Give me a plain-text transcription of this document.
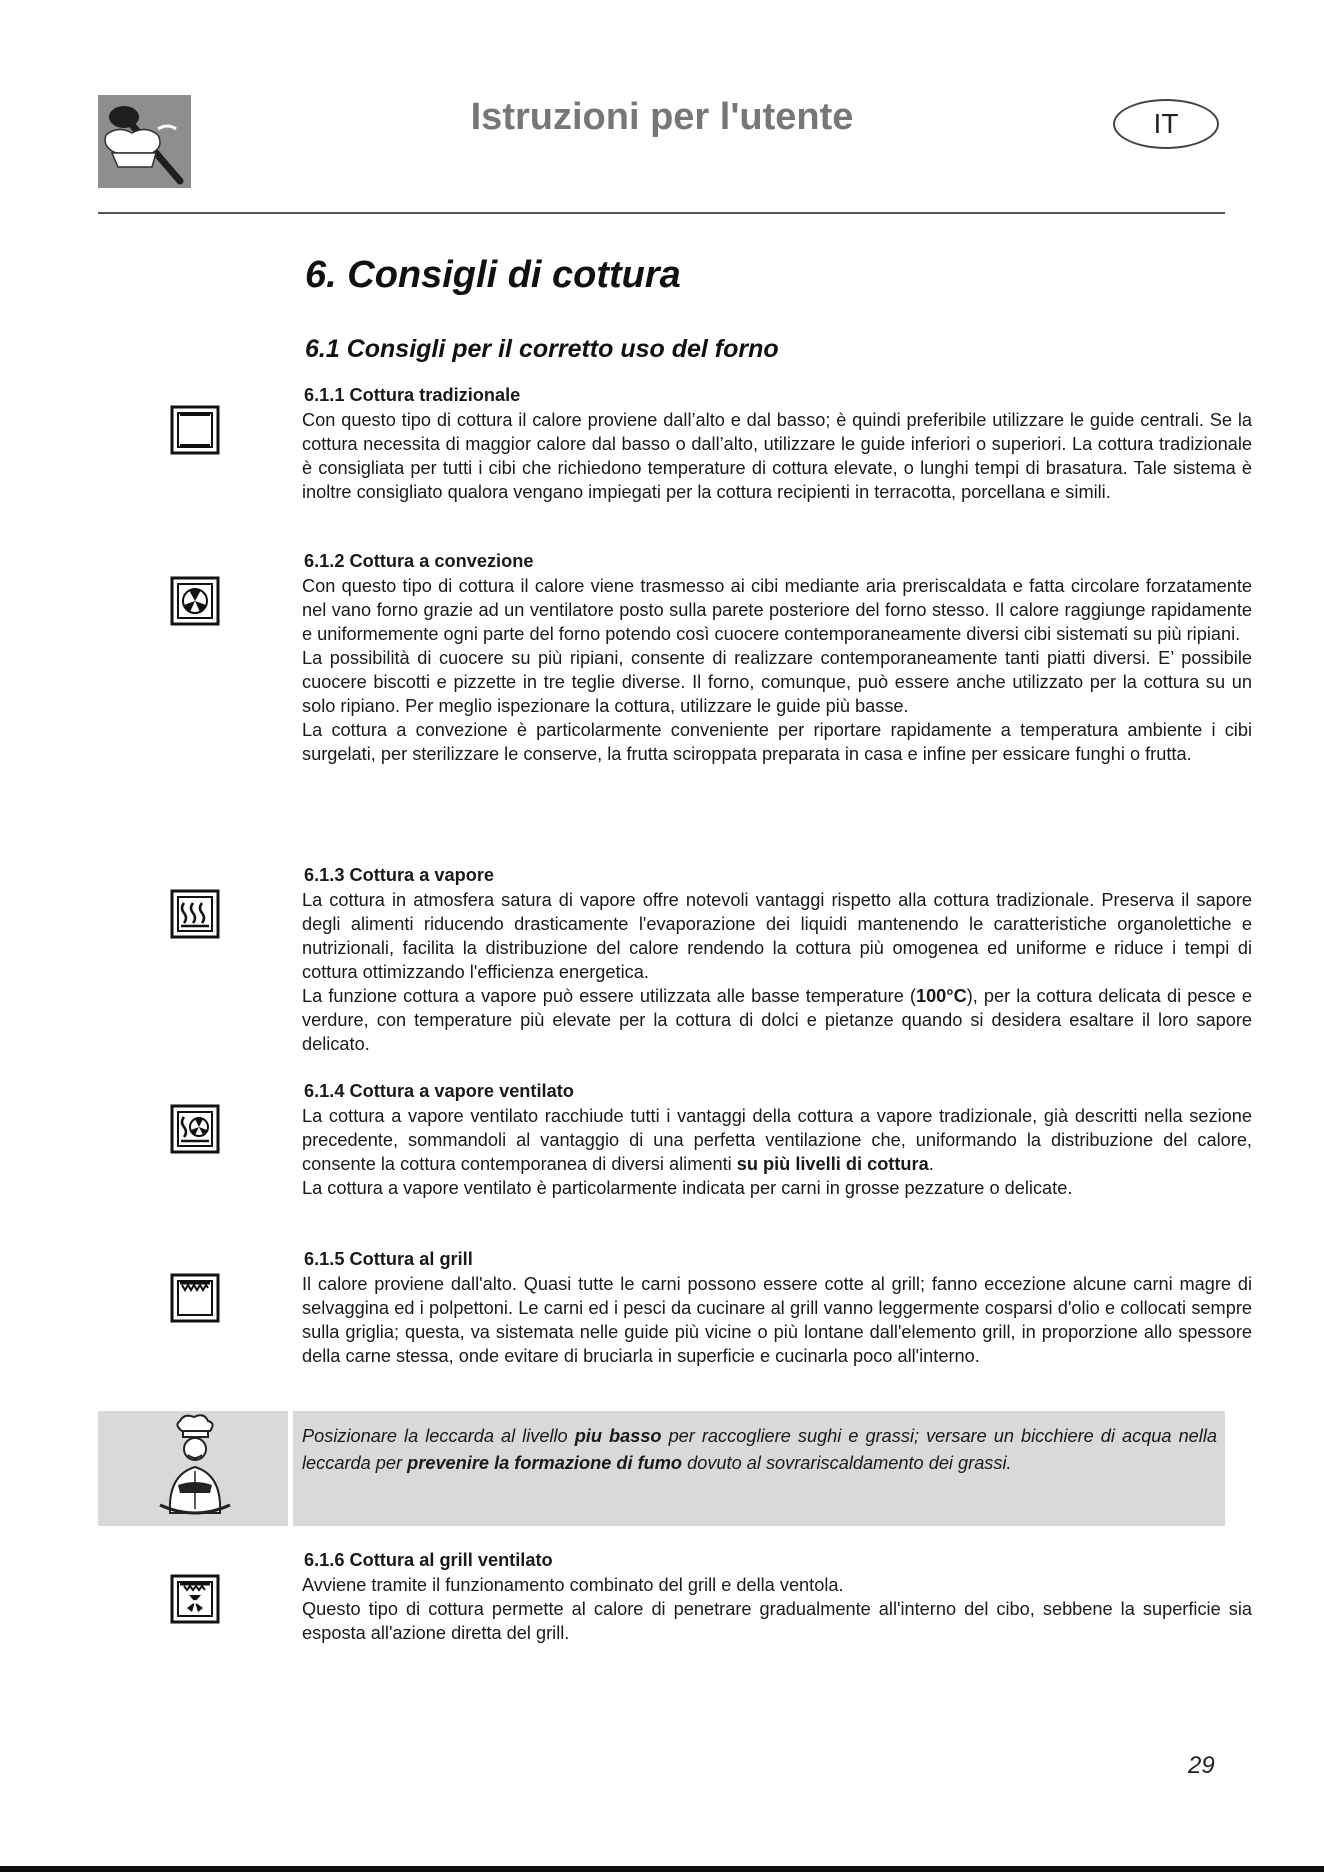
Istruzioni per l'utente	IT
6. Consigli di cottura
6.1 Consigli per il corretto uso del forno
6.1.1 Cottura tradizionale

Con questo tipo di cottura il calore proviene dall’alto e dal basso; è quindi preferibile utilizzare le guide centrali. Se la cottura necessita di maggior calore dal basso o dall’alto, utilizzare le guide inferiori o superiori. La cottura tradizionale è consigliata per tutti i cibi che richiedono temperature di cottura elevate, o lunghi tempi di brasatura. Tale sistema è inoltre consigliato qualora vengano impiegati per la cottura recipienti in terracotta, porcellana e simili.

6.1.2 Cottura a convezione

Con questo tipo di cottura il calore viene trasmesso ai cibi mediante aria preriscaldata e fatta circolare forzatamente nel vano forno grazie ad un ventilatore posto sulla parete posteriore del forno stesso. Il calore raggiunge rapidamente e uniformemente ogni parte del forno potendo così cuocere contemporaneamente diversi cibi sistemati su più ripiani.

La possibilità di cuocere su più ripiani, consente di realizzare contemporaneamente tanti piatti diversi. E’ possibile cuocere biscotti e pizzette in tre teglie diverse. Il forno, comunque, può essere anche utilizzato per la cottura su un solo ripiano. Per meglio ispezionare la cottura, utilizzare le guide più basse.

La cottura a convezione è particolarmente conveniente per riportare rapidamente a temperatura ambiente i cibi surgelati, per sterilizzare le conserve, la frutta sciroppata preparata in casa e infine per essicare funghi o frutta.

6.1.3 Cottura a vapore

La cottura in atmosfera satura di vapore offre notevoli vantaggi rispetto alla cottura tradizionale. Preserva il sapore degli alimenti riducendo drasticamente l'evaporazione dei liquidi mantenendo le caratteristiche organolettiche e nutrizionali, facilita la distribuzione del calore rendendo la cottura più omogenea ed uniforme e riduce i tempi di cottura ottimizzando l'efficienza energetica.

La funzione cottura a vapore può essere utilizzata alle basse temperature (100°C), per la cottura delicata di pesce e verdure, con temperature più elevate per la cottura di dolci e pietanze quando si desidera esaltare il loro sapore delicato.

6.1.4 Cottura a vapore ventilato

La cottura a vapore ventilato racchiude tutti i vantaggi della cottura a vapore tradizionale, già descritti nella sezione precedente, sommandoli al vantaggio di una perfetta ventilazione che, uniformando la distribuzione del calore, consente la cottura contemporanea di diversi alimenti su più livelli di cottura.

La cottura a vapore ventilato è particolarmente indicata per carni in grosse pezzature o delicate.

6.1.5 Cottura al grill

Il calore proviene dall'alto. Quasi tutte le carni possono essere cotte al grill; fanno eccezione alcune carni magre di selvaggina ed i polpettoni. Le carni ed i pesci da cucinare al grill vanno leggermente cosparsi d'olio e collocati sempre sulla griglia; questa, va sistemata nelle guide più vicine o più lontane dall'elemento grill, in proporzione allo spessore della carne stessa, onde evitare di bruciarla in superficie e cucinarla poco all'interno.

Posizionare la leccarda al livello piu basso per raccogliere sughi e grassi; versare un bicchiere di acqua nella leccarda per prevenire la formazione di fumo dovuto al sovrariscaldamento dei grassi.
6.1.6 Cottura al grill ventilato

Avviene tramite il funzionamento combinato del grill e della ventola.

Questo tipo di cottura permette al calore di penetrare gradualmente all'interno del cibo, sebbene la superficie sia esposta all'azione diretta del grill.

29
